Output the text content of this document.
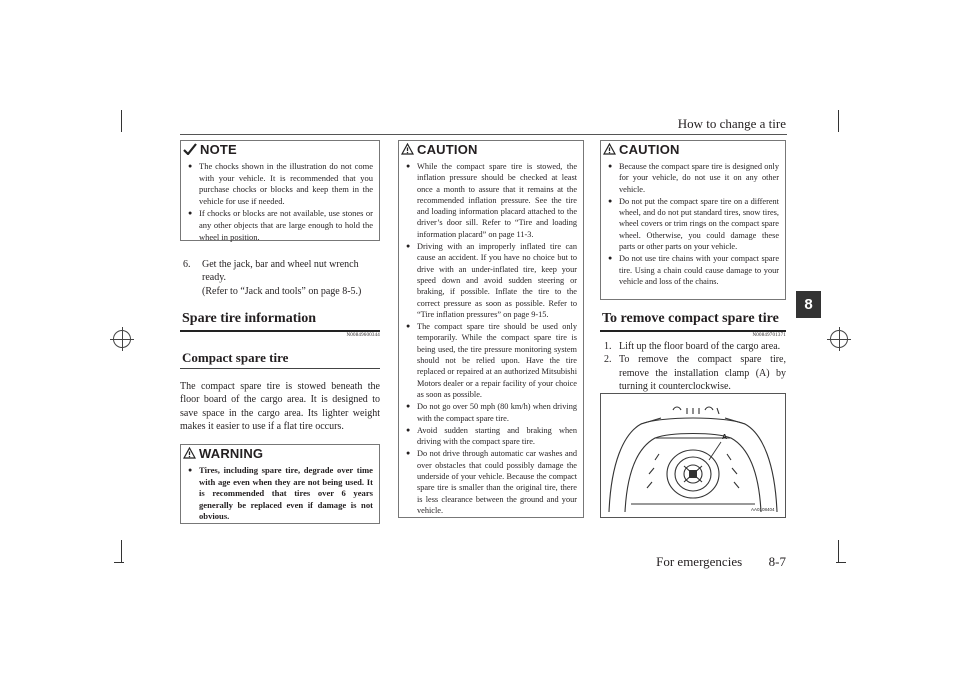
How to change a tire
8
NOTE
● The chocks shown in the illustration do not come with your vehicle. It is recommended that you purchase chocks or blocks and keep them in the vehicle for use if needed.
● If chocks or blocks are not available, use stones or any other objects that are large enough to hold the wheel in position.
6. Get the jack, bar and wheel nut wrench ready.
(Refer to “Jack and tools” on page 8-5.)
Spare tire information
N00849600344
Compact spare tire
The compact spare tire is stowed beneath the floor board of the cargo area. It is designed to save space in the cargo area. Its lighter weight makes it easier to use if a flat tire occurs.
WARNING
● Tires, including spare tire, degrade over time with age even when they are not being used. It is recommended that tires over 6 years generally be replaced even if damage is not obvious.
CAUTION
● While the compact spare tire is stowed, the inflation pressure should be checked at least once a month to assure that it remains at the recommended inflation pressure. See the tire and loading information placard attached to the driver’s door sill. Refer to “Tire and loading information placard” on page 11-3.
● Driving with an improperly inflated tire can cause an accident. If you have no choice but to drive with an under-inflated tire, keep your speed down and avoid sudden steering or braking, if possible. Inflate the tire to the correct pressure as soon as possible. Refer to “Tire inflation pressures” on page 9-15.
● The compact spare tire should be used only temporarily. While the compact spare tire is being used, the tire pressure monitoring system should not be relied upon. Have the tire replaced or repaired at an authorized Mitsubishi Motors dealer or a repair facility of your choice as soon as possible.
● Do not go over 50 mph (80 km/h) when driving with the compact spare tire.
● Avoid sudden starting and braking when driving with the compact spare tire.
● Do not drive through automatic car washes and over obstacles that could possibly damage the underside of your vehicle. Because the compact spare tire is smaller than the original tire, there is less clearance between the ground and your vehicle.
CAUTION
● Because the compact spare tire is designed only for your vehicle, do not use it on any other vehicle.
● Do not put the compact spare tire on a different wheel, and do not put standard tires, snow tires, wheel covers or trim rings on the compact spare wheel. Otherwise, you could damage these parts or other parts on your vehicle.
● Do not use tire chains with your compact spare tire. Using a chain could cause damage to your vehicle and loss of the chains.
To remove compact spare tire
N00849701371
1. Lift up the floor board of the cargo area.
2. To remove the compact spare tire, remove the installation clamp (A) by turning it counterclockwise.
A
AA0108404
For emergencies 8-7
